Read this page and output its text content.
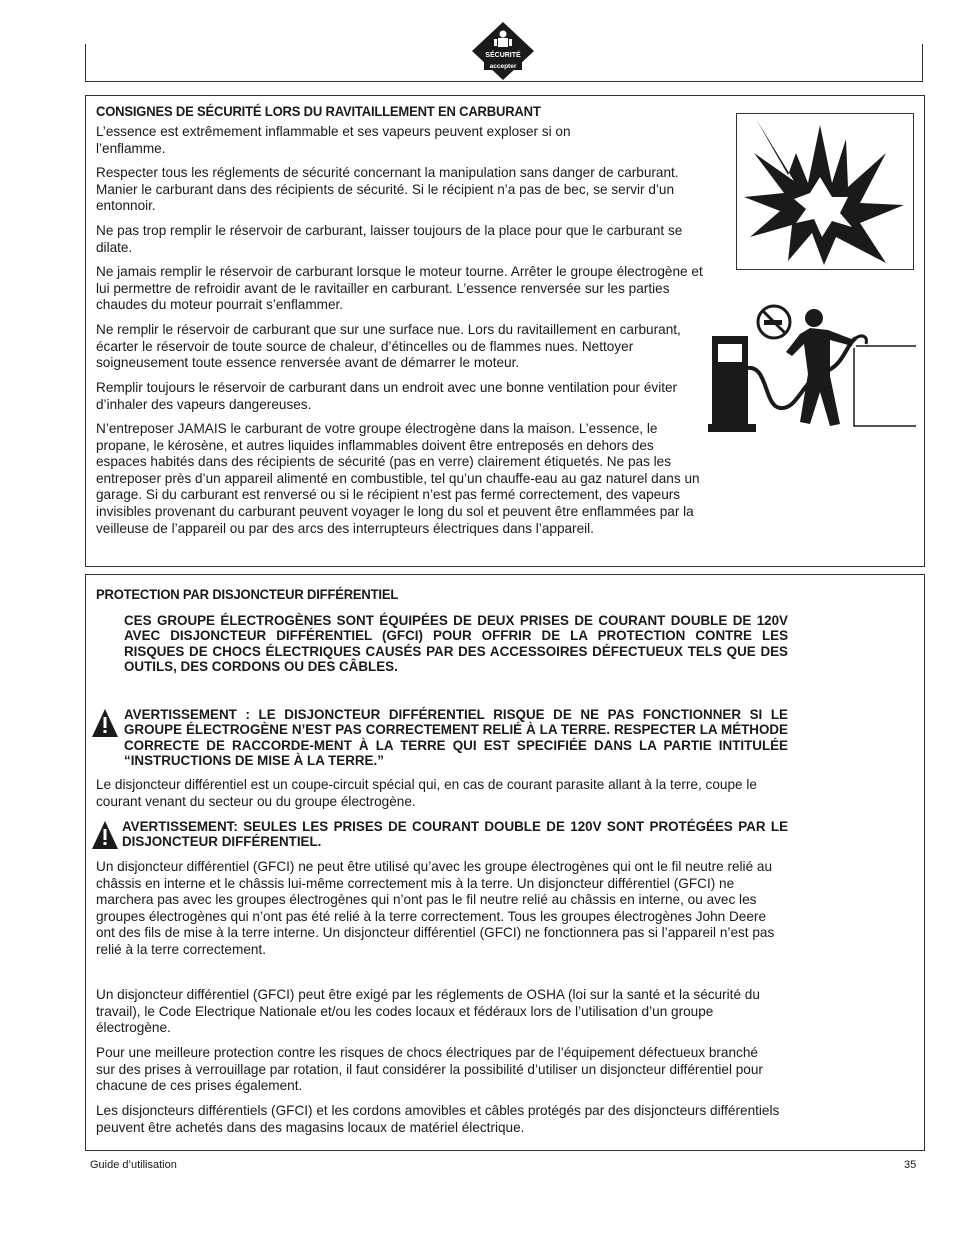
SÉCURITÉ
accepter
CONSIGNES DE SÉCURITÉ LORS DU RAVITAILLEMENT EN CARBURANT

L’essence est extrêmement inflammable et ses vapeurs peuvent exploser si on l’enflamme.

Respecter tous les réglements de sécurité concernant la manipulation sans danger de carburant. Manier le carburant dans des récipients de sécurité. Si le récipient n’a pas de bec, se servir d’un entonnoir.

Ne pas trop remplir le réservoir de carburant, laisser toujours de la place pour que le carburant se dilate.

Ne jamais remplir le réservoir de carburant lorsque le moteur tourne. Arrêter le groupe électrogène et lui permettre de refroidir avant de le ravitailler en carburant. L’essence renversée sur les parties chaudes du moteur pourrait s’enflammer.

Ne remplir le réservoir de carburant que sur une surface nue. Lors du ravitaillement en carburant, écarter le réservoir de toute source de chaleur, d’étincelles ou de flammes nues. Nettoyer soigneusement toute essence renversée avant de démarrer le moteur.

Remplir toujours le réservoir de carburant dans un endroit avec une bonne ventilation pour éviter d’inhaler des vapeurs dangereuses.

N’entreposer JAMAIS le carburant de votre groupe électrogène dans la maison. L’essence, le propane, le kérosène, et autres liquides inflammables doivent être entreposés en dehors des espaces habités dans des récipients de sécurité (pas en verre) clairement étiquetés. Ne pas les entreposer près d’un appareil alimenté en combustible, tel qu’un chauffe-eau au gaz naturel dans un garage. Si du carburant est renversé ou si le récipient n’est pas fermé correctement, des vapeurs invisibles provenant du carburant peuvent voyager le long du sol et peuvent être enflammées par la veilleuse de l’appareil ou par des arcs des interrupteurs électriques dans l’appareil.

PROTECTION PAR DISJONCTEUR DIFFÉRENTIEL

CES GROUPE ÉLECTROGÈNES SONT ÉQUIPÉES DE DEUX PRISES DE COURANT DOUBLE DE 120V AVEC DISJONCTEUR DIFFÉRENTIEL (GFCI) POUR OFFRIR DE LA PROTECTION CONTRE LES RISQUES DE CHOCS ÉLECTRIQUES CAUSÉS PAR DES ACCESSOIRES DÉFECTUEUX TELS QUE DES OUTILS, DES CORDONS OU DES CÂBLES.

AVERTISSEMENT : LE DISJONCTEUR DIFFÉRENTIEL RISQUE DE NE PAS FONCTIONNER SI LE GROUPE ÉLECTROGÈNE N’EST PAS CORRECTEMENT RELIÉ À LA TERRE. RESPECTER LA MÉTHODE CORRECTE DE RACCORDE-MENT À LA TERRE QUI EST SPECIFIÉE DANS LA PARTIE INTITULÉE “INSTRUCTIONS DE MISE À LA TERRE.”

Le disjoncteur différentiel est un coupe-circuit spécial qui, en cas de courant parasite allant à la terre, coupe le courant venant du secteur ou du groupe électrogène.

AVERTISSEMENT: SEULES LES PRISES DE COURANT DOUBLE DE 120V SONT PROTÉGÉES PAR LE DISJONCTEUR DIFFÉRENTIEL.

Un disjoncteur différentiel (GFCI) ne peut être utilisé qu’avec les groupe électrogènes qui ont le fil neutre relié au châssis en interne et le châssis lui-même correctement mis à la terre. Un disjoncteur différentiel (GFCI) ne marchera pas avec les groupes électrogènes qui n’ont pas le fil neutre relié au châssis en interne, ou avec les groupes électrogènes qui n’ont pas été relié à la terre correctement. Tous les groupes électrogènes John Deere ont des fils de mise à la terre interne. Un disjoncteur différentiel (GFCI) ne fonctionnera pas si l’appareil n’est pas relié à la terre correctement.

Un disjoncteur différentiel (GFCI) peut être exigé par les réglements de OSHA (loi sur la santé et la sécurité du travail), le Code Electrique Nationale et/ou les codes locaux et fédéraux lors de l’utilisation d’un groupe électrogène.

Pour une meilleure protection contre les risques de chocs électriques par de l’équipement défectueux branché sur des prises à verrouillage par rotation, il faut considérer la possibilité d’utiliser un disjoncteur différentiel pour chacune de ces prises également.

Les disjoncteurs différentiels (GFCI) et les cordons amovibles et câbles protégés par des disjoncteurs différentiels peuvent être achetés dans des magasins locaux de matériel électrique.

Guide d’utilisation	35
